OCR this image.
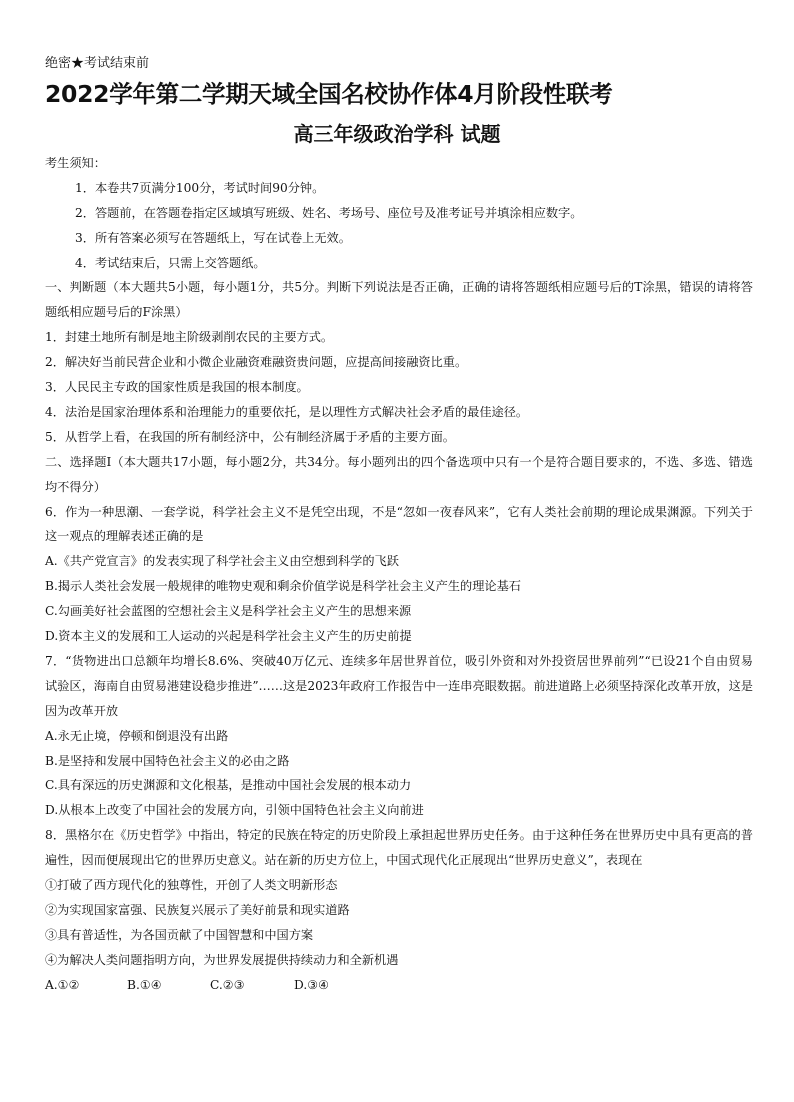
绝密★考试结束前
2022学年第二学期天域全国名校协作体4月阶段性联考
高三年级政治学科 试题
考生须知：
1．本卷共7页满分100分，考试时间90分钟。
2．答题前，在答题卷指定区域填写班级、姓名、考场号、座位号及准考证号并填涂相应数字。
3．所有答案必须写在答题纸上，写在试卷上无效。
4．考试结束后，只需上交答题纸。
一、判断题（本大题共5小题，每小题1分，共5分。判断下列说法是否正确，正确的请将答题纸相应题号后的T涂黑，错误的请将答题纸相应题号后的F涂黑）
1．封建土地所有制是地主阶级剥削农民的主要方式。
2．解决好当前民营企业和小微企业融资难融资贵问题，应提高间接融资比重。
3．人民民主专政的国家性质是我国的根本制度。
4．法治是国家治理体系和治理能力的重要依托，是以理性方式解决社会矛盾的最佳途径。
5．从哲学上看，在我国的所有制经济中，公有制经济属于矛盾的主要方面。
二、选择题Ⅰ（本大题共17小题，每小题2分，共34分。每小题列出的四个备选项中只有一个是符合题目要求的，不选、多选、错选均不得分）
6．作为一种思潮、一套学说，科学社会主义不是凭空出现，不是“忽如一夜春风来”，它有人类社会前期的理论成果渊源。下列关于这一观点的理解表述正确的是
A.《共产党宣言》的发表实现了科学社会主义由空想到科学的飞跃
B.揭示人类社会发展一般规律的唯物史观和剩余价值学说是科学社会主义产生的理论基石
C.勾画美好社会蓝图的空想社会主义是科学社会主义产生的思想来源
D.资本主义的发展和工人运动的兴起是科学社会主义产生的历史前提
7．“货物进出口总额年均增长8.6%、突破40万亿元、连续多年居世界首位，吸引外资和对外投资居世界前列”“已设21个自由贸易试验区，海南自由贸易港建设稳步推进”……这是2023年政府工作报告中一连串亮眼数据。前进道路上必须坚持深化改革开放，这是因为改革开放
A.永无止境，停顿和倒退没有出路
B.是坚持和发展中国特色社会主义的必由之路
C.具有深远的历史渊源和文化根基，是推动中国社会发展的根本动力
D.从根本上改变了中国社会的发展方向，引领中国特色社会主义向前进
8．黑格尔在《历史哲学》中指出，特定的民族在特定的历史阶段上承担起世界历史任务。由于这种任务在世界历史中具有更高的普遍性，因而便展现出它的世界历史意义。站在新的历史方位上，中国式现代化正展现出“世界历史意义”，表现在
①打破了西方现代化的独尊性，开创了人类文明新形态
②为实现国家富强、民族复兴展示了美好前景和现实道路
③具有普适性，为各国贡献了中国智慧和中国方案
④为解决人类问题指明方向，为世界发展提供持续动力和全新机遇
A.①②	B.①④	C.②③	D.③④
